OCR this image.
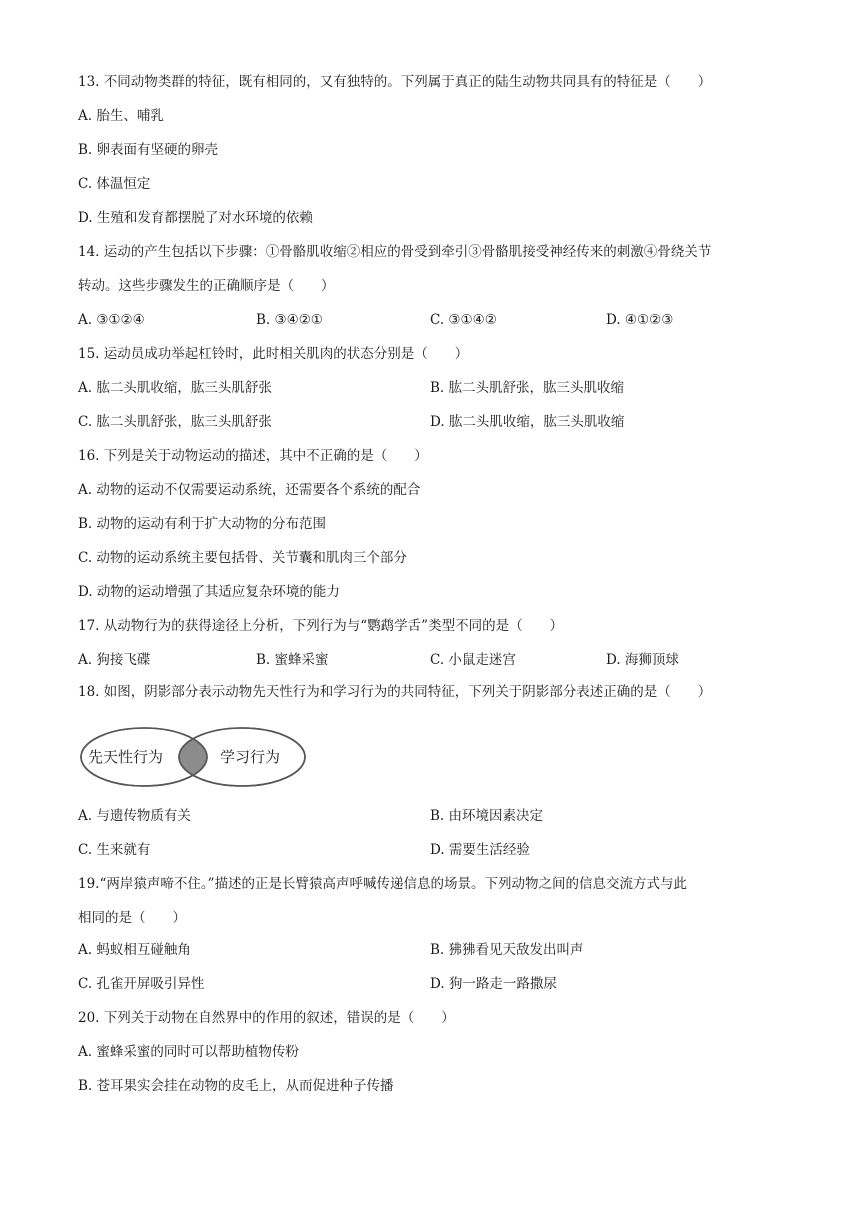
13. 不同动物类群的特征，既有相同的，又有独特的。下列属于真正的陆生动物共同具有的特征是（　　）
A. 胎生、哺乳
B. 卵表面有坚硬的卵壳
C. 体温恒定
D. 生殖和发育都摆脱了对水环境的依赖
14. 运动的产生包括以下步骤：①骨骼肌收缩②相应的骨受到牵引③骨骼肌接受神经传来的刺激④骨绕关节
转动。这些步骤发生的正确顺序是（　　）
A. ③①②④	B. ③④②①	C. ③①④②	D. ④①②③
15. 运动员成功举起杠铃时，此时相关肌肉的状态分别是（　　）
A. 肱二头肌收缩，肱三头肌舒张	B. 肱二头肌舒张，肱三头肌收缩
C. 肱二头肌舒张，肱三头肌舒张	D. 肱二头肌收缩，肱三头肌收缩
16. 下列是关于动物运动的描述，其中不正确的是（　　）
A. 动物的运动不仅需要运动系统，还需要各个系统的配合
B. 动物的运动有利于扩大动物的分布范围
C. 动物的运动系统主要包括骨、关节囊和肌肉三个部分
D. 动物的运动增强了其适应复杂环境的能力
17. 从动物行为的获得途径上分析，下列行为与“鹦鹉学舌”类型不同的是（　　）
A. 狗接飞碟	B. 蜜蜂采蜜	C. 小鼠走迷宫	D. 海狮顶球
18. 如图，阴影部分表示动物先天性行为和学习行为的共同特征，下列关于阴影部分表述正确的是（　　）
先天性行为	学习行为
A. 与遗传物质有关	B. 由环境因素决定
C. 生来就有	D. 需要生活经验
19.“两岸猿声啼不住。”描述的正是长臂猿高声呼喊传递信息的场景。下列动物之间的信息交流方式与此
相同的是（　　）
A. 蚂蚁相互碰触角	B. 狒狒看见天敌发出叫声
C. 孔雀开屏吸引异性	D. 狗一路走一路撒尿
20. 下列关于动物在自然界中的作用的叙述，错误的是（　　）
A. 蜜蜂采蜜的同时可以帮助植物传粉
B. 苍耳果实会挂在动物的皮毛上，从而促进种子传播
